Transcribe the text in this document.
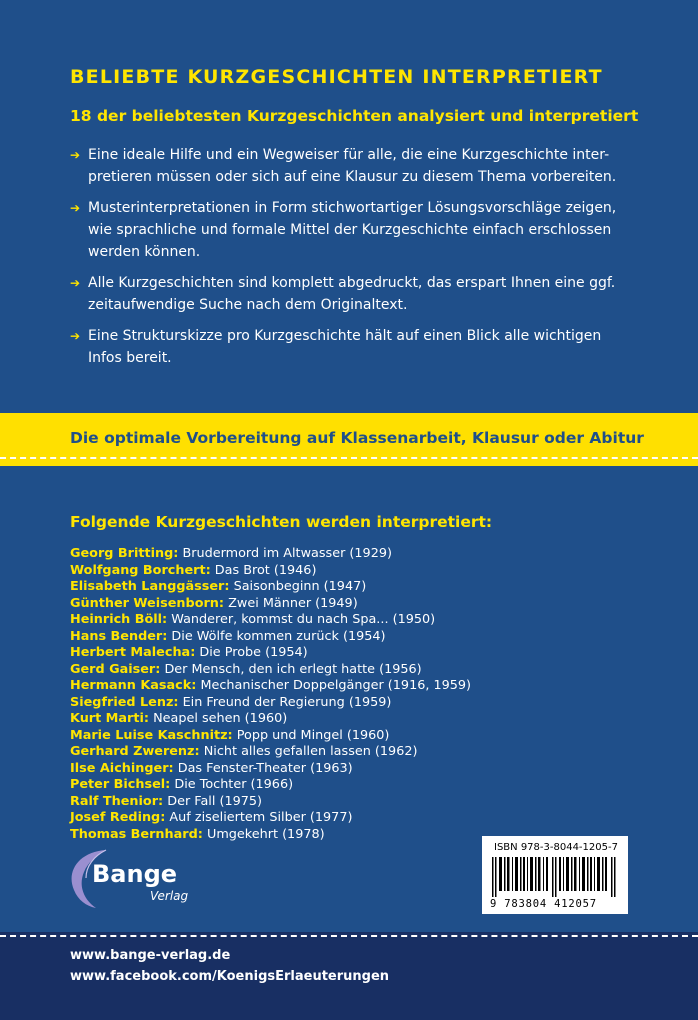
BELIEBTE KURZGESCHICHTEN INTERPRETIERT
18 der beliebtesten Kurzgeschichten analysiert und interpretiert
➔ Eine ideale Hilfe und ein Wegweiser für alle, die eine Kurzgeschichte inter-
pretieren müssen oder sich auf eine Klausur zu diesem Thema vorbereiten.
➔ Musterinterpretationen in Form stichwortartiger Lösungsvorschläge zeigen,
wie sprachliche und formale Mittel der Kurzgeschichte einfach erschlossen
werden können.
➔ Alle Kurzgeschichten sind komplett abgedruckt, das erspart Ihnen eine ggf.
zeitaufwendige Suche nach dem Originaltext.
➔ Eine Strukturskizze pro Kurzgeschichte hält auf einen Blick alle wichtigen
Infos bereit.

Die optimale Vorbereitung auf Klassenarbeit, Klausur oder Abitur

Folgende Kurzgeschichten werden interpretiert:
Georg Britting: Brudermord im Altwasser (1929)
Wolfgang Borchert: Das Brot (1946)
Elisabeth Langgässer: Saisonbeginn (1947)
Günther Weisenborn: Zwei Männer (1949)
Heinrich Böll: Wanderer, kommst du nach Spa... (1950)
Hans Bender: Die Wölfe kommen zurück (1954)
Herbert Malecha: Die Probe (1954)
Gerd Gaiser: Der Mensch, den ich erlegt hatte (1956)
Hermann Kasack: Mechanischer Doppelgänger (1916, 1959)
Siegfried Lenz: Ein Freund der Regierung (1959)
Kurt Marti: Neapel sehen (1960)
Marie Luise Kaschnitz: Popp und Mingel (1960)
Gerhard Zwerenz: Nicht alles gefallen lassen (1962)
Ilse Aichinger: Das Fenster-Theater (1963)
Peter Bichsel: Die Tochter (1966)
Ralf Thenior: Der Fall (1975)
Josef Reding: Auf ziseliertem Silber (1977)
Thomas Bernhard: Umgekehrt (1978)
Bange
Verlag
ISBN 978-3-8044-1205-7
9 783804 412057

www.bange-verlag.de

www.facebook.com/KoenigsErlaeuterungen
